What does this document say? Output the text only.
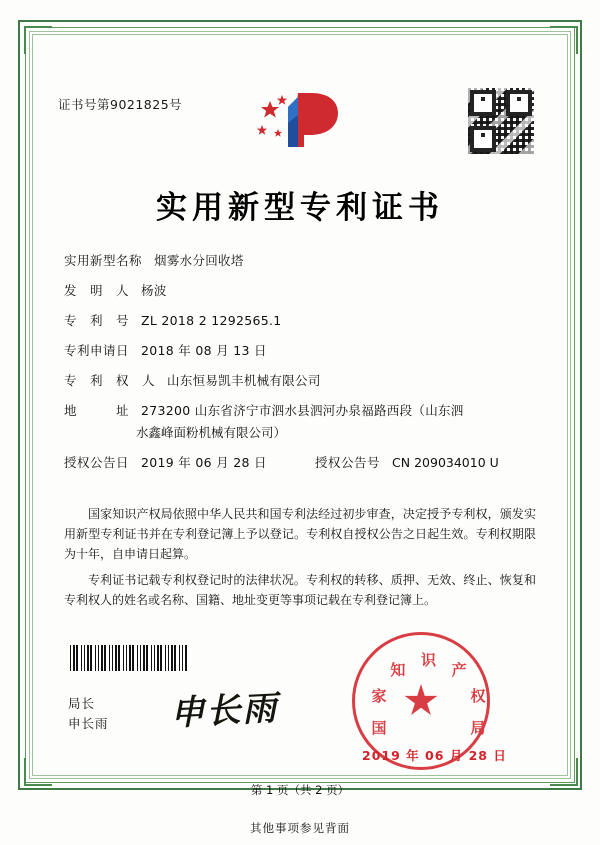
证书号第9021825号
实用新型专利证书
实用新型名称 烟雾水分回收塔
发　明　人 杨波
专　利　号 ZL 2018 2 1292565.1
专利申请日 2018 年 08 月 13 日
专　利　权　人 山东恒易凯丰机械有限公司
地　　　址 273200 山东省济宁市泗水县泗河办泉福路西段（山东泗
水鑫峰面粉机械有限公司）
授权公告日 2019 年 06 月 28 日	授权公告号 CN 209034010 U

国家知识产权局依照中华人民共和国专利法经过初步审查，决定授予专利权，颁发实用新型专利证书并在专利登记簿上予以登记。专利权自授权公告之日起生效。专利权期限为十年，自申请日起算。

专利证书记载专利权登记时的法律状况。专利权的转移、质押、无效、终止、恢复和专利权人的姓名或名称、国籍、地址变更等事项记载在专利登记簿上。

局长
申长雨 申长雨	国
家
知
识
产
权
局
2019 年 06 月 28 日
第 1 页（共 2 页）
其他事项参见背面
